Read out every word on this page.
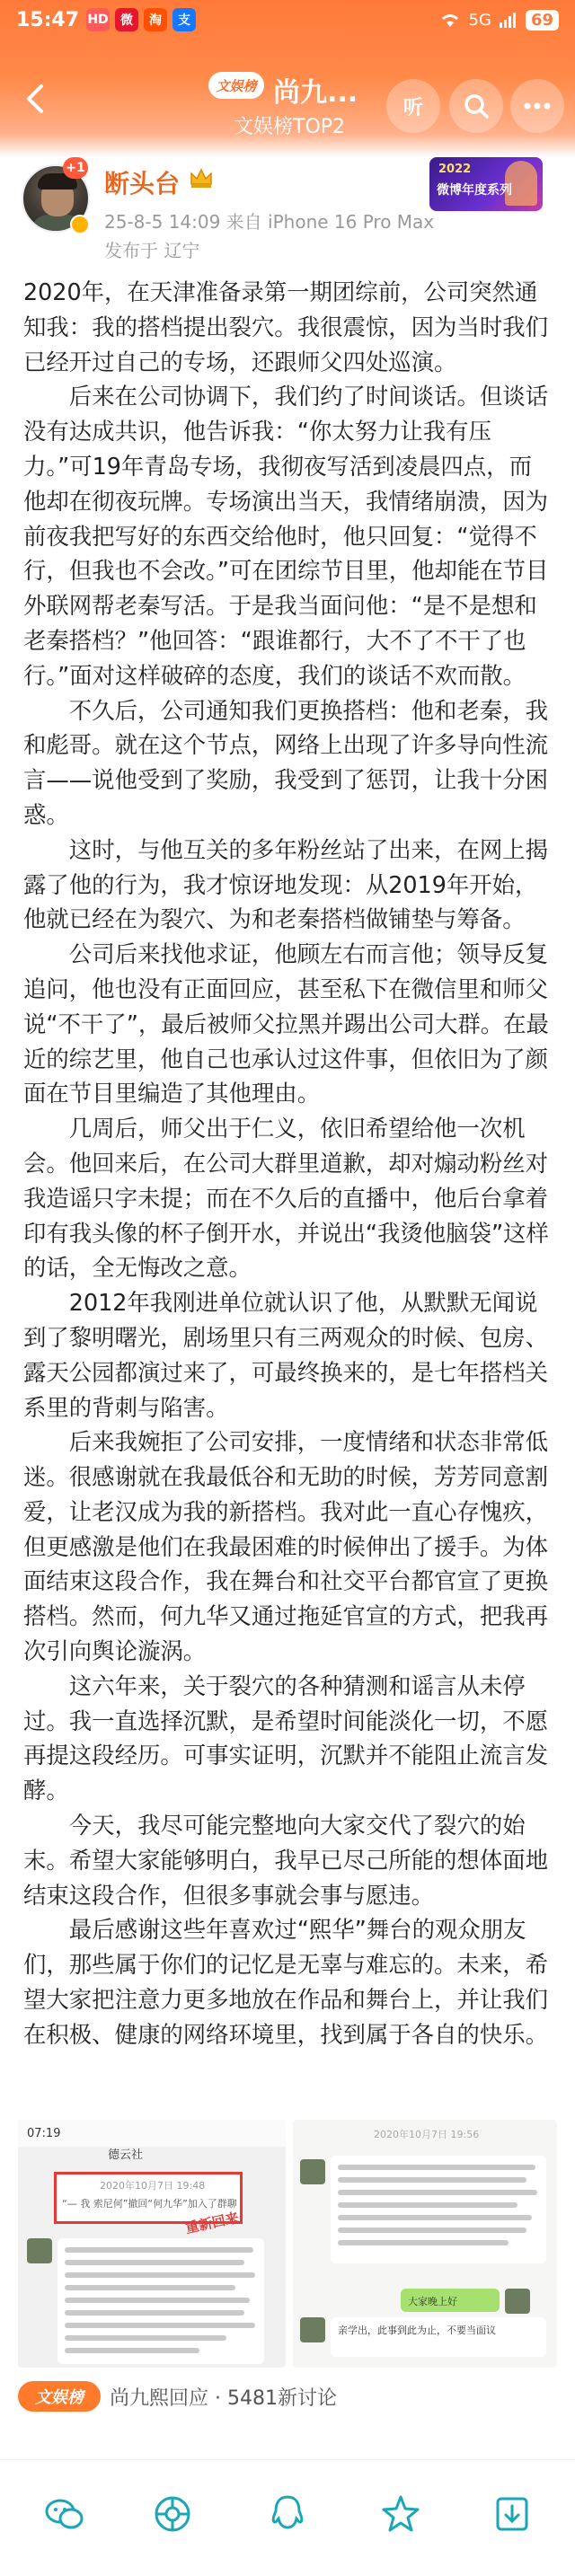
15:47 HD 微	淘	支	5G	69
文娱榜 尚九...
文娱榜TOP2
听
+1
断头台
25-8-5 14:09 来自 iPhone 16 Pro Max
发布于 辽宁
2022
微博年度系列

2020年，在天津准备录第一期团综前，公司突然通知我：我的搭档提出裂穴。我很震惊，因为当时我们已经开过自己的专场，还跟师父四处巡演。

后来在公司协调下，我们约了时间谈话。但谈话没有达成共识，他告诉我：“你太努力让我有压力。”可19年青岛专场，我彻夜写活到凌晨四点，而他却在彻夜玩牌。专场演出当天，我情绪崩溃，因为前夜我把写好的东西交给他时，他只回复：“觉得不行，但我也不会改。”可在团综节目里，他却能在节目外联网帮老秦写活。于是我当面问他：“是不是想和老秦搭档？”他回答：“跟谁都行，大不了不干了也行。”面对这样破碎的态度，我们的谈话不欢而散。

不久后，公司通知我们更换搭档：他和老秦，我和彪哥。就在这个节点，网络上出现了许多导向性流言——说他受到了奖励，我受到了惩罚，让我十分困惑。

这时，与他互关的多年粉丝站了出来，在网上揭露了他的行为，我才惊讶地发现：从2019年开始，他就已经在为裂穴、为和老秦搭档做铺垫与筹备。

公司后来找他求证，他顾左右而言他；领导反复追问，他也没有正面回应，甚至私下在微信里和师父说“不干了”，最后被师父拉黑并踢出公司大群。在最近的综艺里，他自己也承认过这件事，但依旧为了颜面在节目里编造了其他理由。

几周后，师父出于仁义，依旧希望给他一次机会。他回来后，在公司大群里道歉，却对煽动粉丝对我造谣只字未提；而在不久后的直播中，他后台拿着印有我头像的杯子倒开水，并说出“我烫他脑袋”这样的话，全无悔改之意。

2012年我刚进单位就认识了他，从默默无闻说到了黎明曙光，剧场里只有三两观众的时候、包房、露天公园都演过来了，可最终换来的，是七年搭档关系里的背刺与陷害。

后来我婉拒了公司安排，一度情绪和状态非常低迷。很感谢就在我最低谷和无助的时候，芳芳同意割爱，让老汉成为我的新搭档。我对此一直心存愧疚，但更感激是他们在我最困难的时候伸出了援手。为体面结束这段合作，我在舞台和社交平台都官宣了更换搭档。然而，何九华又通过拖延官宣的方式，把我再次引向舆论漩涡。

这六年来，关于裂穴的各种猜测和谣言从未停过。我一直选择沉默，是希望时间能淡化一切，不愿再提这段经历。可事实证明，沉默并不能阻止流言发酵。

今天，我尽可能完整地向大家交代了裂穴的始末。希望大家能够明白，我早已尽己所能的想体面地结束这段合作，但很多事就会事与愿违。

最后感谢这些年喜欢过“熙华”舞台的观众朋友们，那些属于你们的记忆是无辜与难忘的。未来，希望大家把注意力更多地放在作品和舞台上，并让我们在积极、健康的网络环境里，找到属于各自的快乐。

07:19
德云社
2020年10月7日 19:48
“— 我 索尼何”撤回“何九华”加入了群聊
重新回来
2020年10月7日 19:56
大家晚上好
亲学出，此事到此为止，不要当面议
文娱榜	尚九熙回应 · 5481新讨论
